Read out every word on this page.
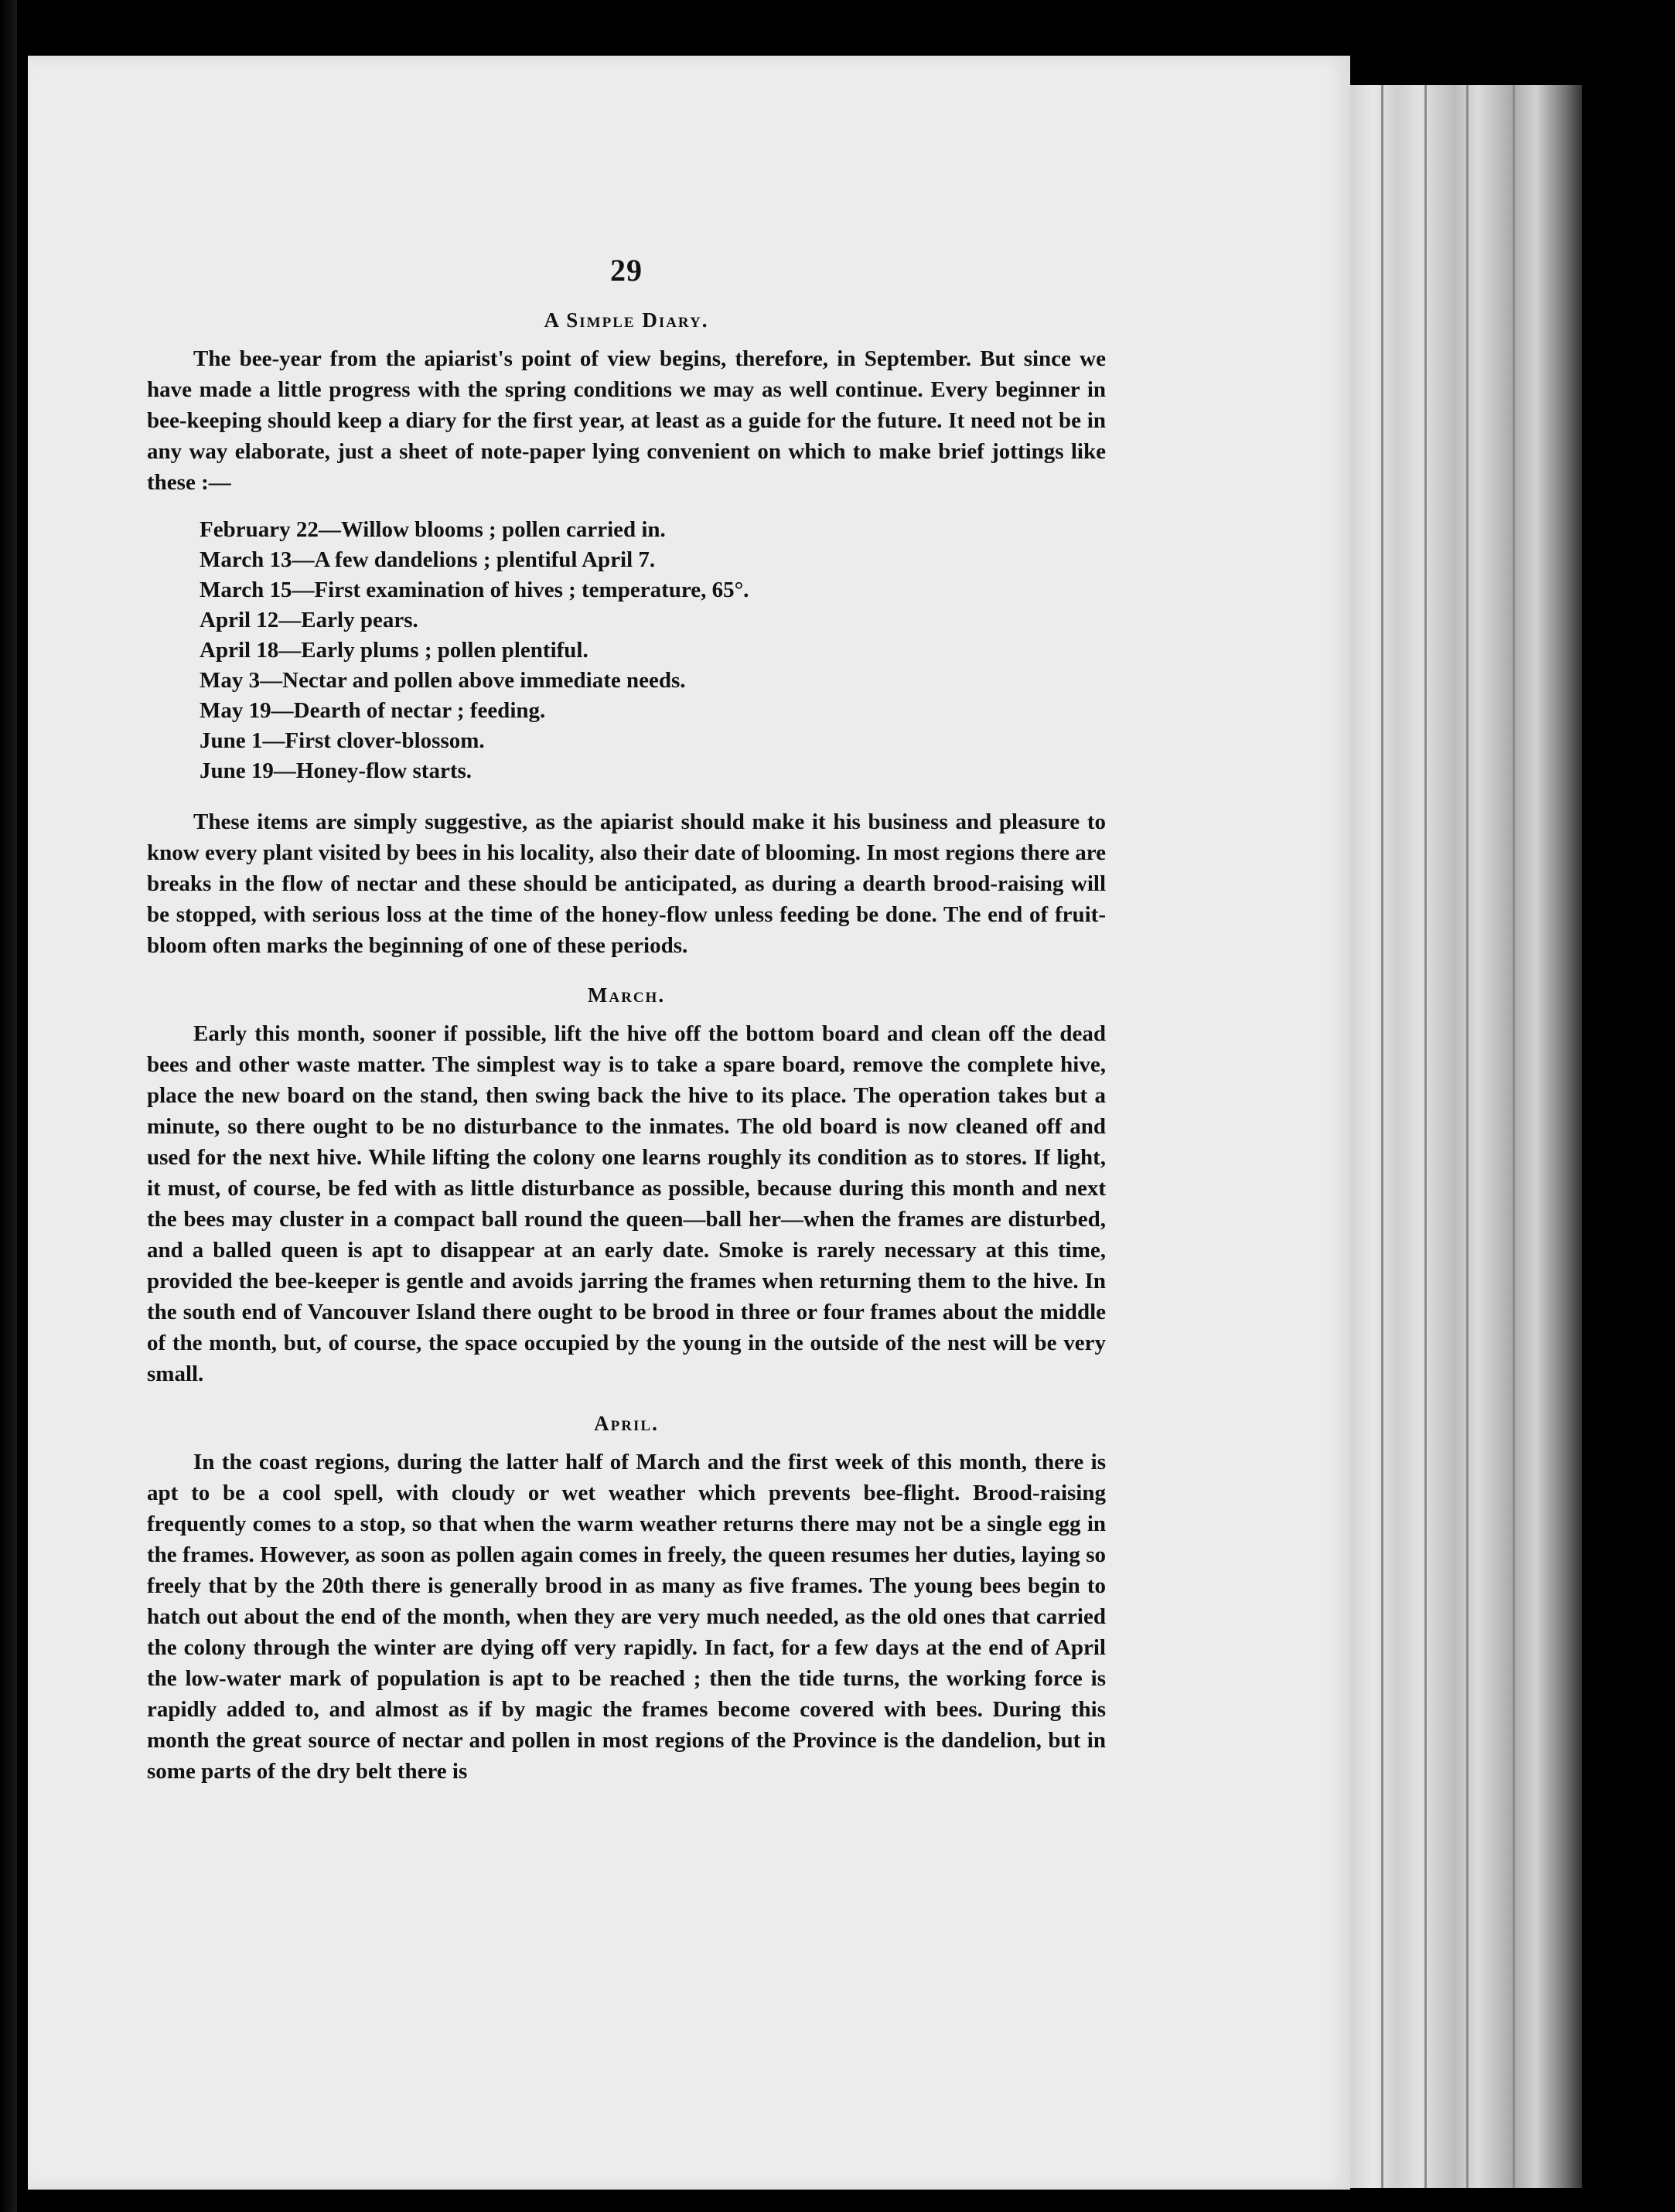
29
A Simple Diary.

The bee-year from the apiarist's point of view begins, therefore, in September. But since we have made a little progress with the spring conditions we may as well continue. Every beginner in bee-keeping should keep a diary for the first year, at least as a guide for the future. It need not be in any way elaborate, just a sheet of note-paper lying convenient on which to make brief jottings like these :—

February 22—Willow blooms ; pollen carried in.
March 13—A few dandelions ; plentiful April 7.
March 15—First examination of hives ; temperature, 65°.
April 12—Early pears.
April 18—Early plums ; pollen plentiful.
May 3—Nectar and pollen above immediate needs.
May 19—Dearth of nectar ; feeding.
June 1—First clover-blossom.
June 19—Honey-flow starts.

These items are simply suggestive, as the apiarist should make it his business and pleasure to know every plant visited by bees in his locality, also their date of blooming. In most regions there are breaks in the flow of nectar and these should be anticipated, as during a dearth brood-raising will be stopped, with serious loss at the time of the honey-flow unless feeding be done. The end of fruit-bloom often marks the beginning of one of these periods.

March.

Early this month, sooner if possible, lift the hive off the bottom board and clean off the dead bees and other waste matter. The simplest way is to take a spare board, remove the complete hive, place the new board on the stand, then swing back the hive to its place. The operation takes but a minute, so there ought to be no disturbance to the inmates. The old board is now cleaned off and used for the next hive. While lifting the colony one learns roughly its condition as to stores. If light, it must, of course, be fed with as little disturbance as possible, because during this month and next the bees may cluster in a compact ball round the queen—ball her—when the frames are disturbed, and a balled queen is apt to disappear at an early date. Smoke is rarely necessary at this time, provided the bee-keeper is gentle and avoids jarring the frames when returning them to the hive. In the south end of Vancouver Island there ought to be brood in three or four frames about the middle of the month, but, of course, the space occupied by the young in the outside of the nest will be very small.

April.

In the coast regions, during the latter half of March and the first week of this month, there is apt to be a cool spell, with cloudy or wet weather which prevents bee-flight. Brood-raising frequently comes to a stop, so that when the warm weather returns there may not be a single egg in the frames. However, as soon as pollen again comes in freely, the queen resumes her duties, laying so freely that by the 20th there is generally brood in as many as five frames. The young bees begin to hatch out about the end of the month, when they are very much needed, as the old ones that carried the colony through the winter are dying off very rapidly. In fact, for a few days at the end of April the low-water mark of population is apt to be reached ; then the tide turns, the working force is rapidly added to, and almost as if by magic the frames become covered with bees. During this month the great source of nectar and pollen in most regions of the Province is the dandelion, but in some parts of the dry belt there is
